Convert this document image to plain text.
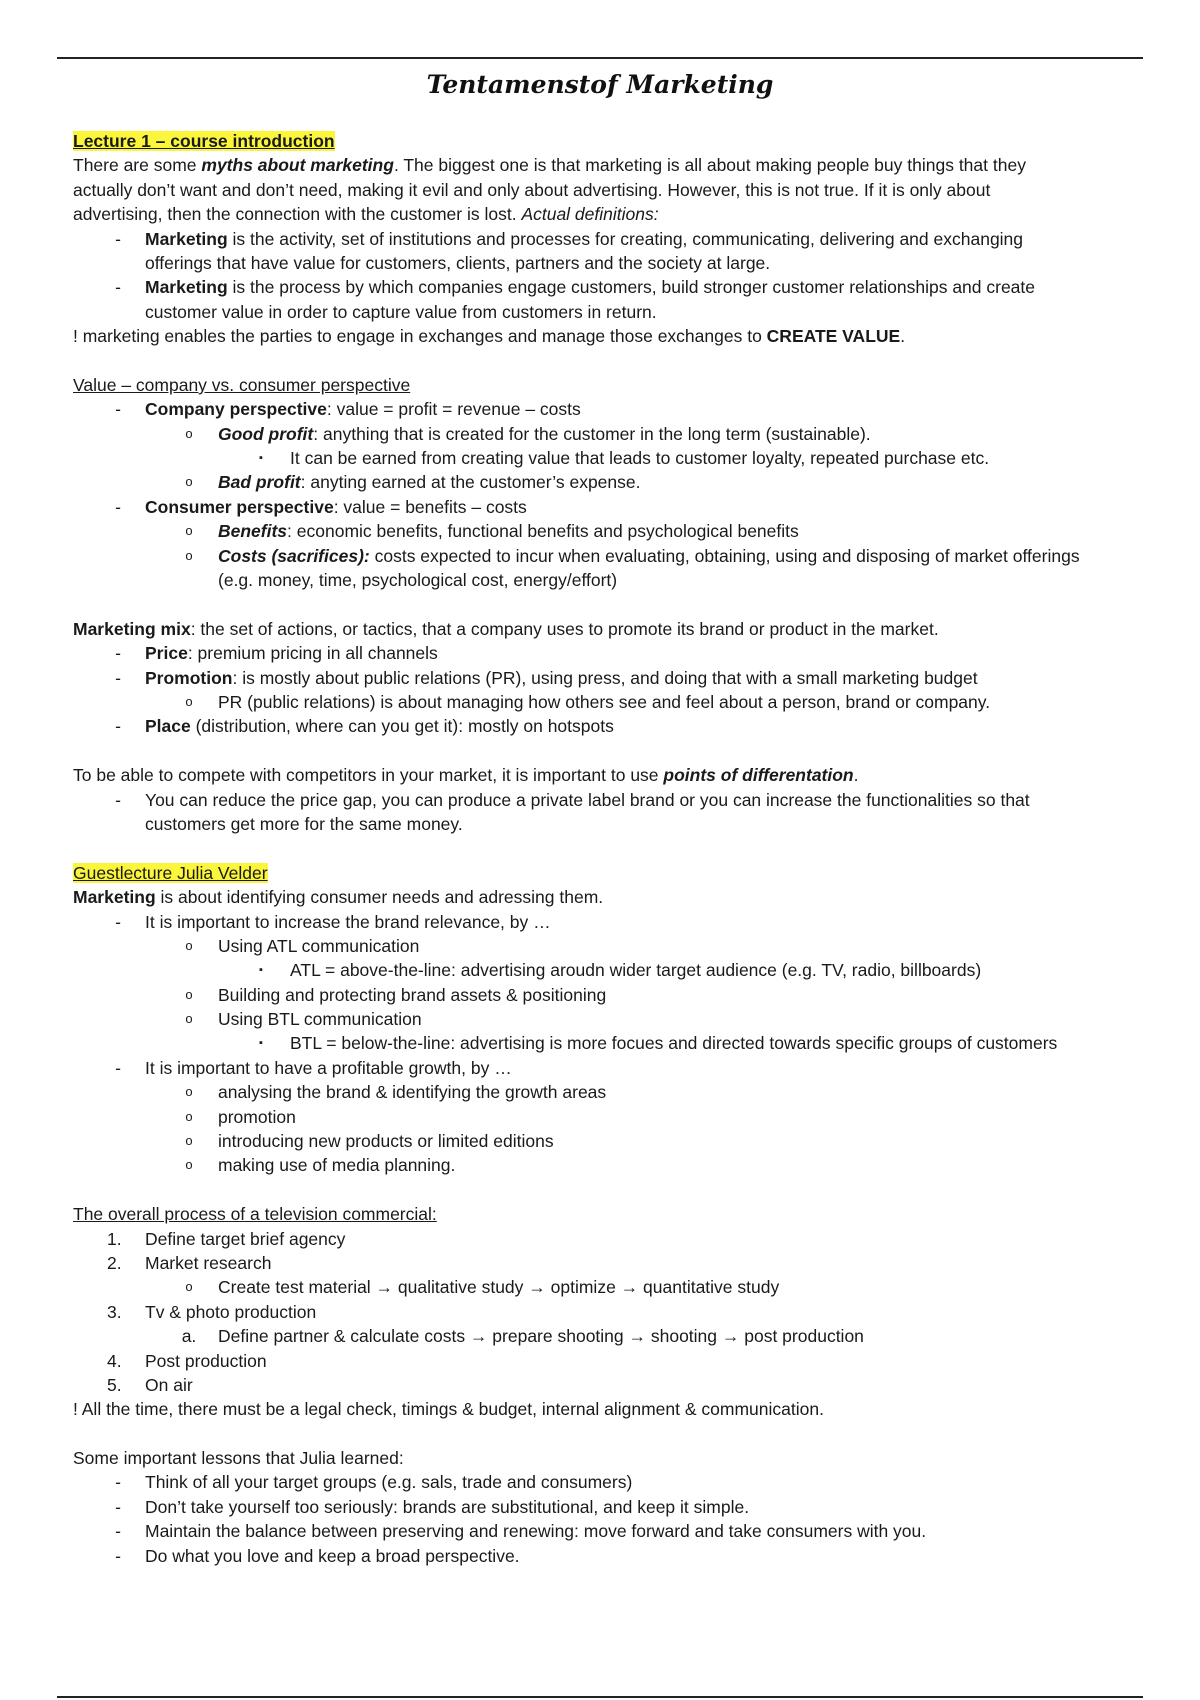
Tentamenstof Marketing
Lecture 1 – course introduction
There are some myths about marketing. The biggest one is that marketing is all about making people buy things that they
actually don’t want and don’t need, making it evil and only about advertising. However, this is not true. If it is only about
advertising, then the connection with the customer is lost. Actual definitions:
-	Marketing is the activity, set of institutions and processes for creating, communicating, delivering and exchanging
offerings that have value for customers, clients, partners and the society at large.
-	Marketing is the process by which companies engage customers, build stronger customer relationships and create
customer value in order to capture value from customers in return.
! marketing enables the parties to engage in exchanges and manage those exchanges to CREATE VALUE.
Value – company vs. consumer perspective
-	Company perspective: value = profit = revenue – costs
o	Good profit: anything that is created for the customer in the long term (sustainable).
▪	It can be earned from creating value that leads to customer loyalty, repeated purchase etc.
o	Bad profit: anyting earned at the customer’s expense.
-	Consumer perspective: value = benefits – costs
o	Benefits: economic benefits, functional benefits and psychological benefits
o	Costs (sacrifices): costs expected to incur when evaluating, obtaining, using and disposing of market offerings
(e.g. money, time, psychological cost, energy/effort)
Marketing mix: the set of actions, or tactics, that a company uses to promote its brand or product in the market.
-	Price: premium pricing in all channels
-	Promotion: is mostly about public relations (PR), using press, and doing that with a small marketing budget
o	PR (public relations) is about managing how others see and feel about a person, brand or company.
-	Place (distribution, where can you get it): mostly on hotspots
To be able to compete with competitors in your market, it is important to use points of differentation.
-	You can reduce the price gap, you can produce a private label brand or you can increase the functionalities so that
customers get more for the same money.
Guestlecture Julia Velder
Marketing is about identifying consumer needs and adressing them.
-	It is important to increase the brand relevance, by …
o	Using ATL communication
▪	ATL = above-the-line: advertising aroudn wider target audience (e.g. TV, radio, billboards)
o	Building and protecting brand assets & positioning
o	Using BTL communication
▪	BTL = below-the-line: advertising is more focues and directed towards specific groups of customers
-	It is important to have a profitable growth, by …
o	analysing the brand & identifying the growth areas
o	promotion
o	introducing new products or limited editions
o	making use of media planning.
The overall process of a television commercial:
1. Define target brief agency
2. Market research
o	Create test material → qualitative study → optimize → quantitative study
3. Tv & photo production
a. Define partner & calculate costs → prepare shooting → shooting → post production
4. Post production
5. On air
! All the time, there must be a legal check, timings & budget, internal alignment & communication.
Some important lessons that Julia learned:
-	Think of all your target groups (e.g. sals, trade and consumers)
-	Don’t take yourself too seriously: brands are substitutional, and keep it simple.
-	Maintain the balance between preserving and renewing: move forward and take consumers with you.
-	Do what you love and keep a broad perspective.
